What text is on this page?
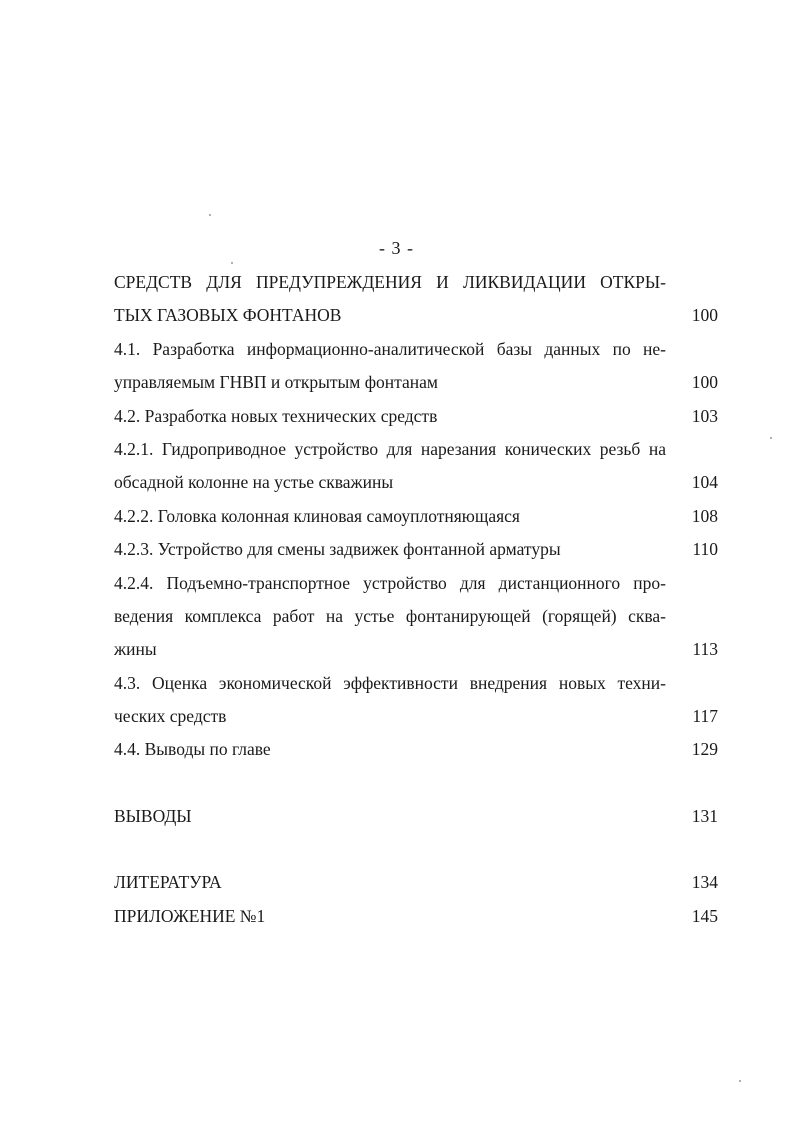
- 3 -
СРЕДСТВ ДЛЯ ПРЕДУПРЕЖДЕНИЯ И ЛИКВИДАЦИИ ОТКРЫ-
ТЫХ ГАЗОВЫХ ФОНТАНОВ	100
4.1. Разработка информационно-аналитической базы данных по не-
управляемым ГНВП и открытым фонтанам	100
4.2. Разработка новых технических средств	103
4.2.1. Гидроприводное устройство для нарезания конических резьб на
обсадной колонне на устье скважины	104
4.2.2. Головка колонная клиновая самоуплотняющаяся	108
4.2.3. Устройство для смены задвижек фонтанной арматуры	110
4.2.4. Подъемно-транспортное устройство для дистанционного про-
ведения комплекса работ на устье фонтанирующей (горящей) сква-
жины	113
4.3. Оценка экономической эффективности внедрения новых техни-
ческих средств	117
4.4. Выводы по главе	129
ВЫВОДЫ	131
ЛИТЕРАТУРА	134
ПРИЛОЖЕНИЕ №1	145
